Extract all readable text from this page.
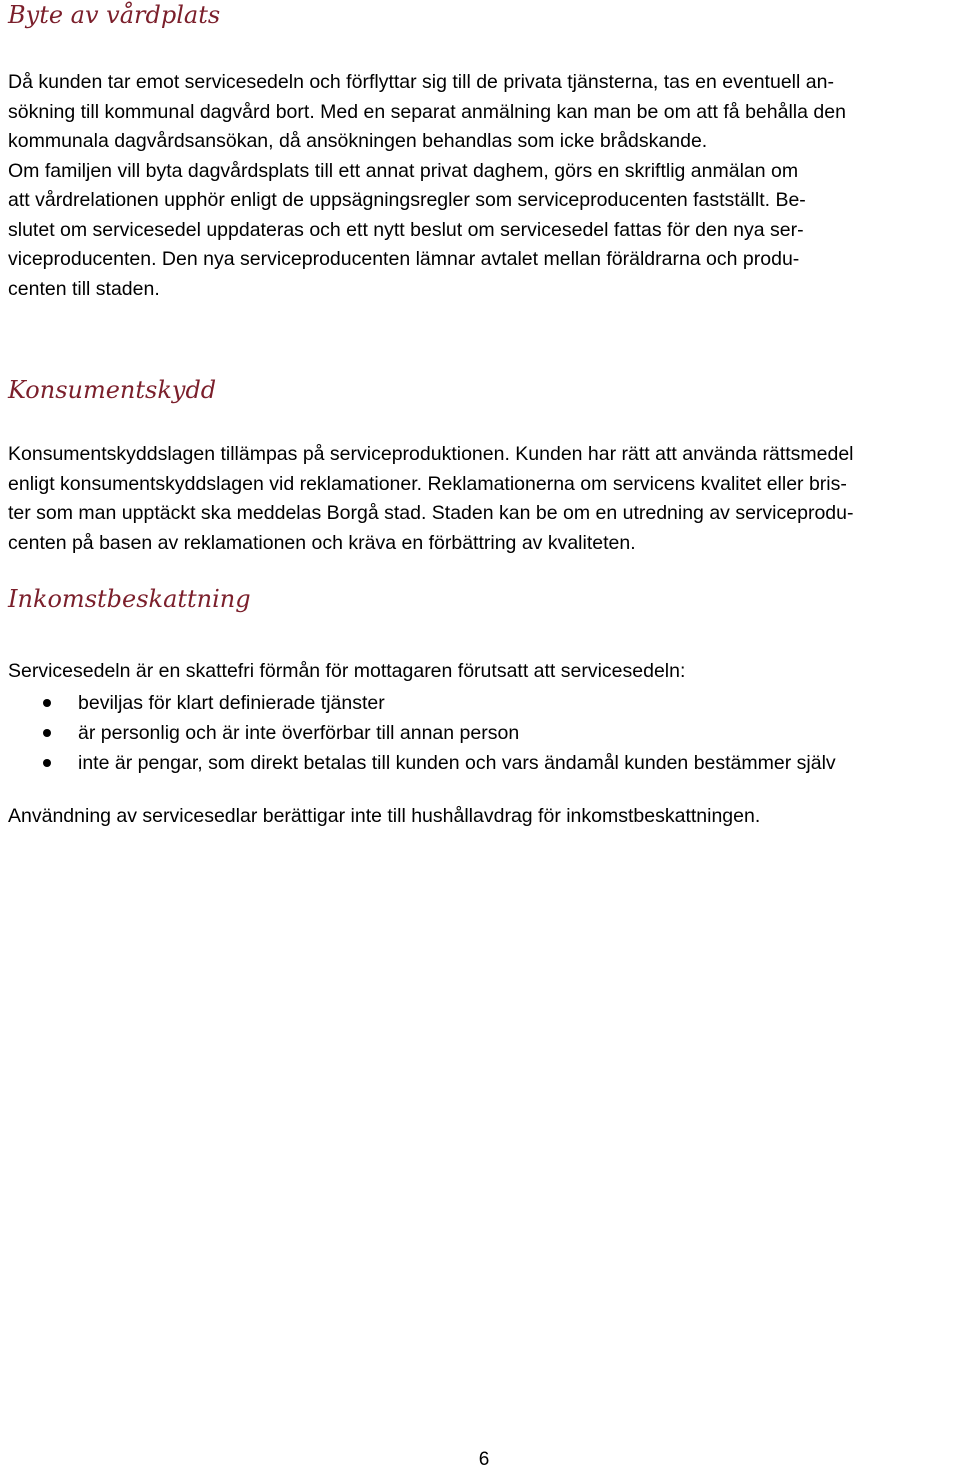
Byte av vårdplats

Då kunden tar emot servicesedeln och förflyttar sig till de privata tjänsterna, tas en eventuell an-
sökning till kommunal dagvård bort. Med en separat anmälning kan man be om att få behålla den
kommunala dagvårdsansökan, då ansökningen behandlas som icke brådskande.
Om familjen vill byta dagvårdsplats till ett annat privat daghem, görs en skriftlig anmälan om
att vårdrelationen upphör enligt de uppsägningsregler som serviceproducenten fastställt. Be-
slutet om servicesedel uppdateras och ett nytt beslut om servicesedel fattas för den nya ser-
viceproducenten. Den nya serviceproducenten lämnar avtalet mellan föräldrarna och produ-
centen till staden.

Konsumentskydd

Konsumentskyddslagen tillämpas på serviceproduktionen. Kunden har rätt att använda rättsmedel
enligt konsumentskyddslagen vid reklamationer. Reklamationerna om servicens kvalitet eller bris-
ter som man upptäckt ska meddelas Borgå stad. Staden kan be om en utredning av serviceprodu-
centen på basen av reklamationen och kräva en förbättring av kvaliteten.

Inkomstbeskattning

Servicesedeln är en skattefri förmån för mottagaren förutsatt att servicesedeln:

beviljas för klart definierade tjänster
är personlig och är inte överförbar till annan person
inte är pengar, som direkt betalas till kunden och vars ändamål kunden bestämmer själv

Användning av servicesedlar berättigar inte till hushållavdrag för inkomstbeskattningen.

6
